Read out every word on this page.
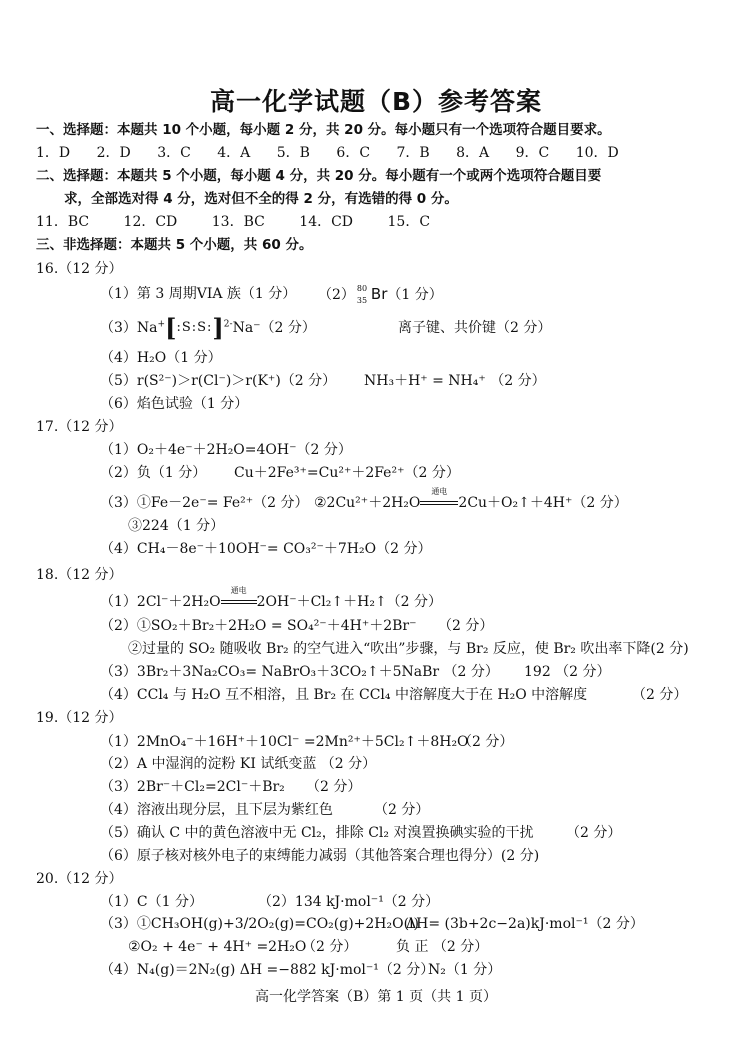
高一化学试题（B）参考答案
一、选择题：本题共 10 个小题，每小题 2 分，共 20 分。每小题只有一个选项符合题目要求。
1．D 2．D 3．C 4．A 5．B 6．C 7．B 8．A 9．C 10．D
二、选择题：本题共 5 个小题，每小题 4 分，共 20 分。每小题有一个或两个选项符合题目要
求，全部选对得 4 分，选对但不全的得 2 分，有选错的得 0 分。
11．BC 12．CD 13．BC 14．CD 15．C
三、非选择题：本题共 5 个小题，共 60 分。
16.（12 分）
（1）第 3 周期VIA 族（1 分） （2） 80
35 Br（1 分）
（3）Na+[:S:S:]$^{2-}$Na⁻（2 分）	离子键、共价键（2 分）
（4）H₂O（1 分）
（5）r(S²⁻)＞r(Cl⁻)＞r(K⁺)（2 分） NH₃＋H⁺ = NH₄⁺ （2 分）
（6）焰色试验（1 分）
17.（12 分）
（1）O₂＋4e⁻＋2H₂O=4OH⁻（2 分）
（2）负（1 分） Cu＋2Fe³⁺=Cu²⁺＋2Fe²⁺（2 分）
（3）①Fe－2e⁻= Fe²⁺（2 分） ②2Cu²⁺＋2H₂O
通电
2Cu＋O₂↑＋4H⁺（2 分）
③224（1 分）
（4）CH₄－8e⁻＋10OH⁻= CO₃²⁻＋7H₂O（2 分）
18.（12 分）
（1）2Cl⁻＋2H₂O
通电
2OH⁻＋Cl₂↑＋H₂↑（2 分）
（2）①SO₂＋Br₂＋2H₂O = SO₄²⁻＋4H⁺＋2Br⁻ （2 分）
②过量的 SO₂ 随吸收 Br₂ 的空气进入“吹出”步骤，与 Br₂ 反应，使 Br₂ 吹出率下降(2 分)
（3）3Br₂＋3Na₂CO₃= NaBrO₃＋3CO₂↑＋5NaBr （2 分） 192 （2 分）
（4）CCl₄ 与 H₂O 互不相溶，且 Br₂ 在 CCl₄ 中溶解度大于在 H₂O 中溶解度	（2 分）
19.（12 分）
（1）2MnO₄⁻＋16H⁺＋10Cl⁻ =2Mn²⁺＋5Cl₂↑＋8H₂O
（2 分）
（2）A 中湿润的淀粉 KI 试纸变蓝 （2 分）
（3）2Br⁻＋Cl₂=2Cl⁻＋Br₂ （2 分）
（4）溶液出现分层，且下层为紫红色	（2 分）
（5）确认 C 中的黄色溶液中无 Cl₂，排除 Cl₂ 对溴置换碘实验的干扰 （2 分）
（6）原子核对核外电子的束缚能力减弱（其他答案合理也得分）(2 分)
20.（12 分）
（1）C（1 分）	（2）134 kJ·mol⁻¹（2 分）
（3）①CH₃OH(g)+3/2O₂(g)=CO₂(g)+2H₂O(l)
ΔH= (3b+2c−2a)kJ·mol⁻¹（2 分）
②O₂ + 4e⁻ + 4H⁺ =2H₂O
（2 分）	负 正 （2 分）
（4）N₄(g)＝2N₂(g) ΔH =−882 kJ·mol⁻¹（2 分）
N₂（1 分）
高一化学答案（B）第 1 页（共 1 页）
